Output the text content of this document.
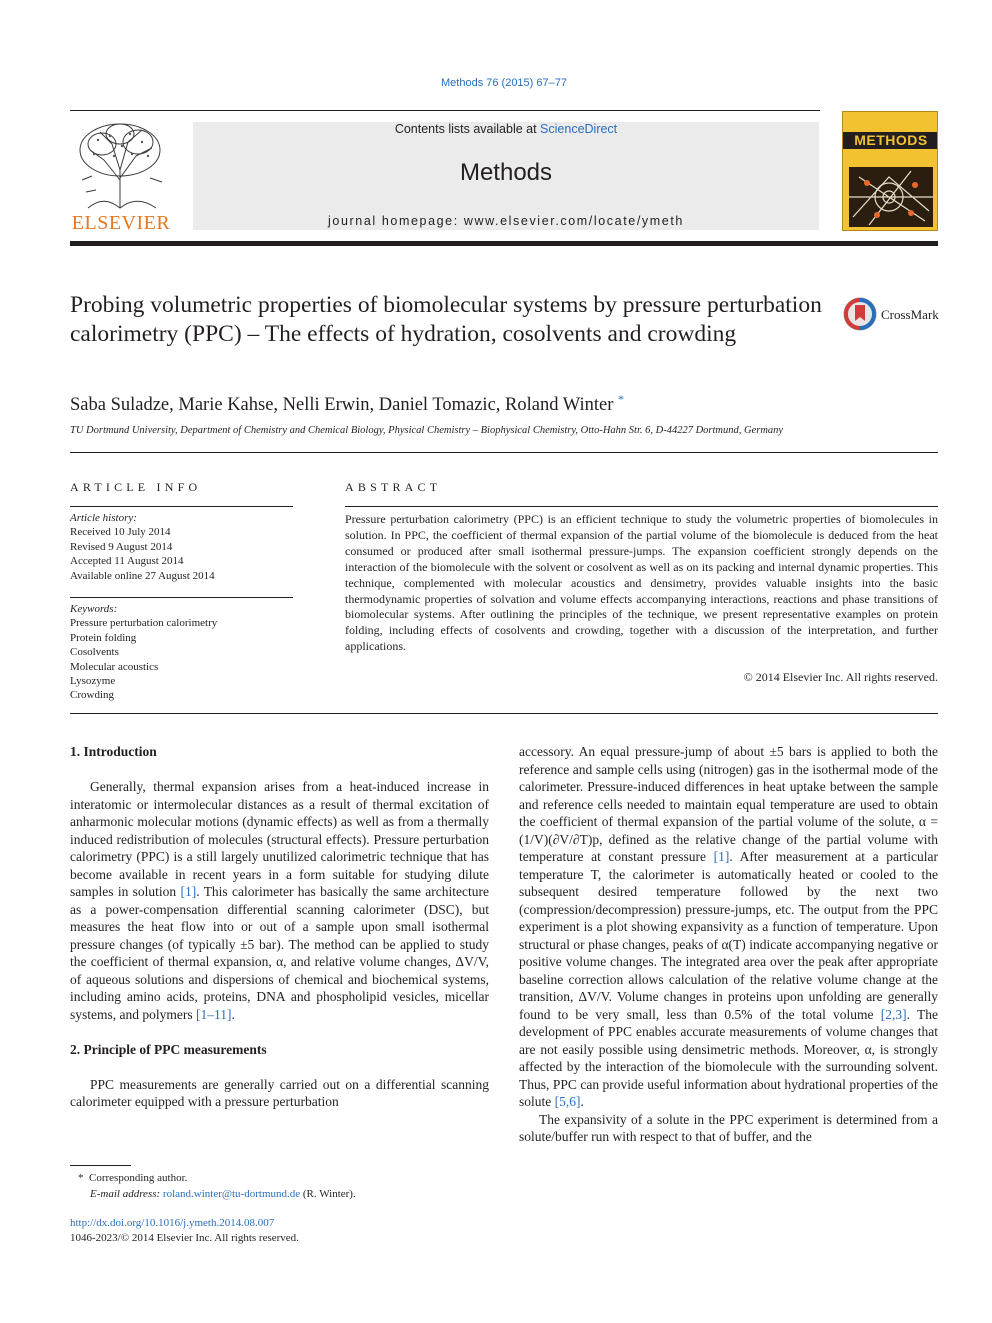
Methods 76 (2015) 67–77
ELSEVIER
Contents lists available at ScienceDirect
Methods
journal homepage: www.elsevier.com/locate/ymeth
METHODS
Probing volumetric properties of biomolecular systems by pressure perturbation calorimetry (PPC) – The effects of hydration, cosolvents and crowding
CrossMark
Saba Suladze, Marie Kahse, Nelli Erwin, Daniel Tomazic, Roland Winter *
TU Dortmund University, Department of Chemistry and Chemical Biology, Physical Chemistry – Biophysical Chemistry, Otto-Hahn Str. 6, D-44227 Dortmund, Germany
ARTICLE INFO	ABSTRACT
Article history:
Received 10 July 2014
Revised 9 August 2014
Accepted 11 August 2014
Available online 27 August 2014
Keywords:
Pressure perturbation calorimetry
Protein folding
Cosolvents
Molecular acoustics
Lysozyme
Crowding
Pressure perturbation calorimetry (PPC) is an efficient technique to study the volumetric properties of biomolecules in solution. In PPC, the coefficient of thermal expansion of the partial volume of the biomolecule is deduced from the heat consumed or produced after small isothermal pressure-jumps. The expansion coefficient strongly depends on the interaction of the biomolecule with the solvent or cosolvent as well as on its packing and internal dynamic properties. This technique, complemented with molecular acoustics and densimetry, provides valuable insights into the basic thermodynamic properties of solvation and volume effects accompanying interactions, reactions and phase transitions of biomolecular systems. After outlining the principles of the technique, we present representative examples on protein folding, including effects of cosolvents and crowding, together with a discussion of the interpretation, and further applications.
© 2014 Elsevier Inc. All rights reserved.
1. Introduction

Generally, thermal expansion arises from a heat-induced increase in interatomic or intermolecular distances as a result of thermal excitation of anharmonic molecular motions (dynamic effects) as well as from a thermally induced redistribution of molecules (structural effects). Pressure perturbation calorimetry (PPC) is a still largely unutilized calorimetric technique that has become available in recent years in a form suitable for studying dilute samples in solution [1]. This calorimeter has basically the same architecture as a power-compensation differential scanning calorimeter (DSC), but measures the heat flow into or out of a sample upon small isothermal pressure changes (of typically ±5 bar). The method can be applied to study the coefficient of thermal expansion, α, and relative volume changes, ΔV/V, of aqueous solutions and dispersions of chemical and biochemical systems, including amino acids, proteins, DNA and phospholipid vesicles, micellar systems, and polymers [1–11].

2. Principle of PPC measurements

PPC measurements are generally carried out on a differential scanning calorimeter equipped with a pressure perturbation

accessory. An equal pressure-jump of about ±5 bars is applied to both the reference and sample cells using (nitrogen) gas in the isothermal mode of the calorimeter. Pressure-induced differences in heat uptake between the sample and reference cells needed to maintain equal temperature are used to obtain the coefficient of thermal expansion of the partial volume of the solute, α = (1/V)(∂V/∂T)p, defined as the relative change of the partial volume with temperature at constant pressure [1]. After measurement at a particular temperature T, the calorimeter is automatically heated or cooled to the subsequent desired temperature followed by the next two (compression/decompression) pressure-jumps, etc. The output from the PPC experiment is a plot showing expansivity as a function of temperature. Upon structural or phase changes, peaks of α(T) indicate accompanying negative or positive volume changes. The integrated area over the peak after appropriate baseline correction allows calculation of the relative volume change at the transition, ΔV/V. Volume changes in proteins upon unfolding are generally found to be very small, less than 0.5% of the total volume [2,3]. The development of PPC enables accurate measurements of volume changes that are not easily possible using densimetric methods. Moreover, α, is strongly affected by the interaction of the biomolecule with the surrounding solvent. Thus, PPC can provide useful information about hydrational properties of the solute [5,6].

The expansivity of a solute in the PPC experiment is determined from a solute/buffer run with respect to that of buffer, and the

* Corresponding author.
E-mail address: roland.winter@tu-dortmund.de (R. Winter).
http://dx.doi.org/10.1016/j.ymeth.2014.08.007
1046-2023/© 2014 Elsevier Inc. All rights reserved.
